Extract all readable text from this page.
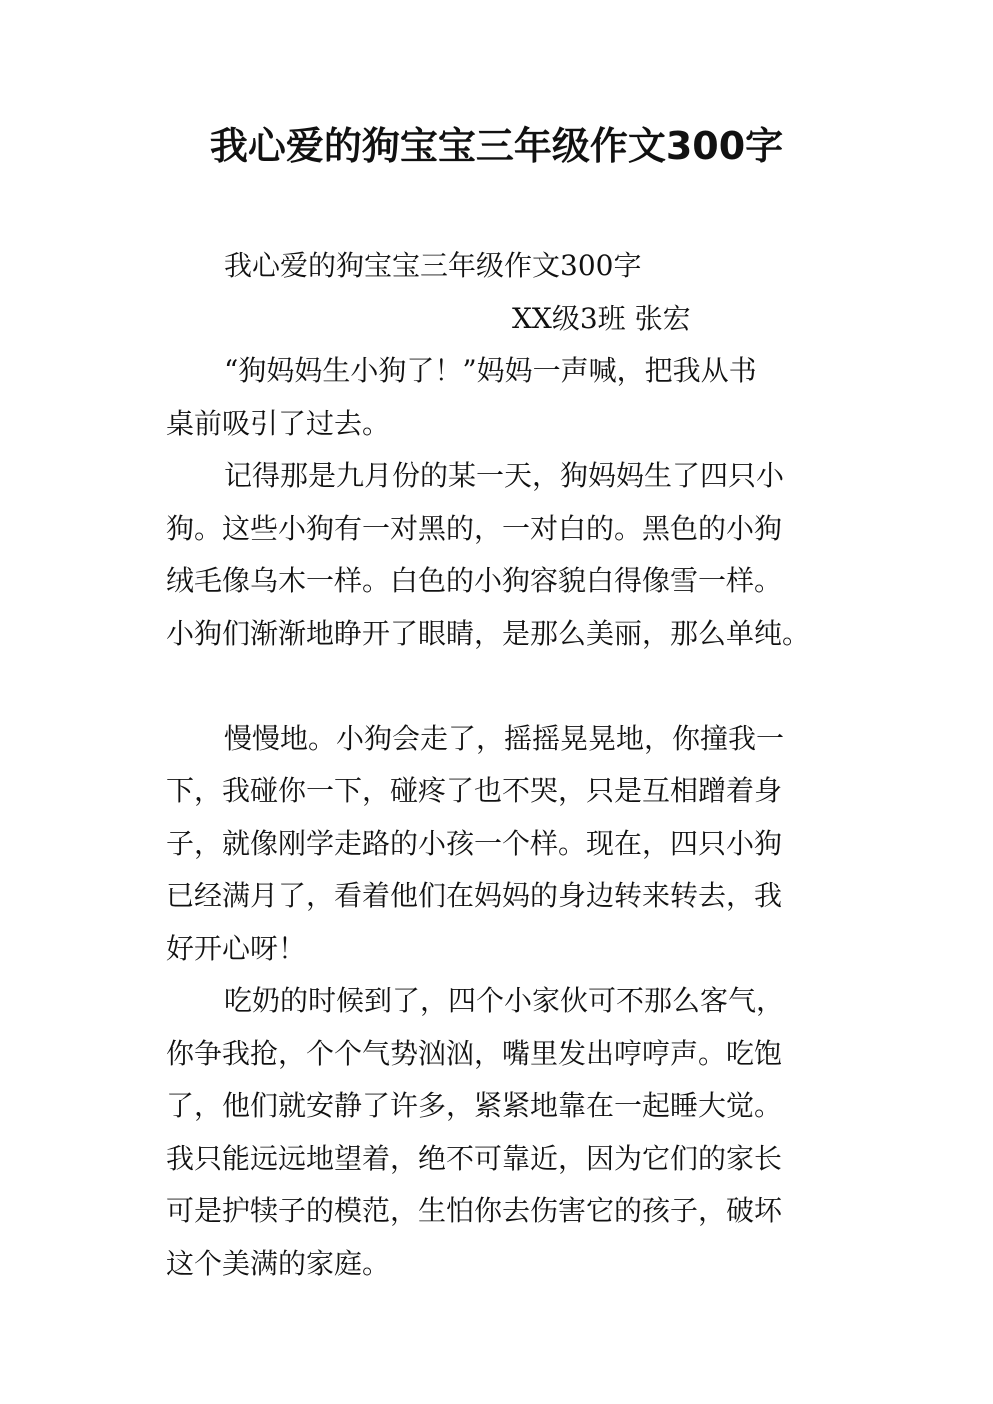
我心爱的狗宝宝三年级作文300字
我心爱的狗宝宝三年级作文300字
XX级3班 张宏
“狗妈妈生小狗了！”妈妈一声喊，把我从书
桌前吸引了过去。
记得那是九月份的某一天，狗妈妈生了四只小
狗。这些小狗有一对黑的，一对白的。黑色的小狗
绒毛像乌木一样。白色的小狗容貌白得像雪一样。
小狗们渐渐地睁开了眼睛，是那么美丽，那么单纯。
慢慢地。小狗会走了，摇摇晃晃地，你撞我一
下，我碰你一下，碰疼了也不哭，只是互相蹭着身
子，就像刚学走路的小孩一个样。现在，四只小狗
已经满月了，看着他们在妈妈的身边转来转去，我
好开心呀！
吃奶的时候到了，四个小家伙可不那么客气，
你争我抢，个个气势汹汹，嘴里发出哼哼声。吃饱
了，他们就安静了许多，紧紧地靠在一起睡大觉。
我只能远远地望着，绝不可靠近，因为它们的家长
可是护犊子的模范，生怕你去伤害它的孩子，破坏
这个美满的家庭。
